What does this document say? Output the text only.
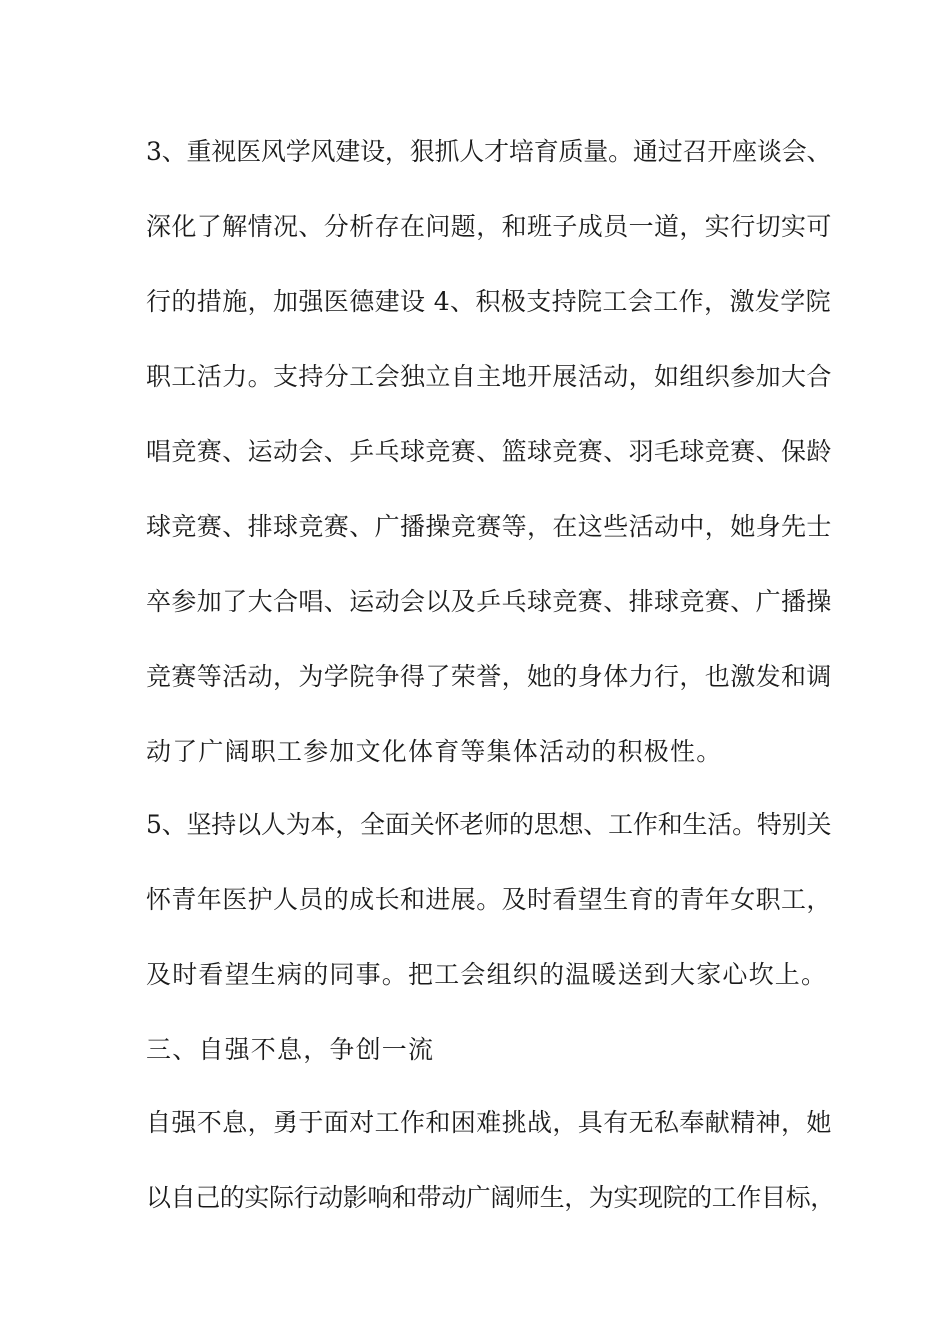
3、重视医风学风建设，狠抓人才培育质量。通过召开座谈会、
深化了解情况、分析存在问题，和班子成员一道，实行切实可
行的措施，加强医德建设 4、积极支持院工会工作，激发学院
职工活力。支持分工会独立自主地开展活动，如组织参加大合
唱竞赛、运动会、乒乓球竞赛、篮球竞赛、羽毛球竞赛、保龄
球竞赛、排球竞赛、广播操竞赛等，在这些活动中，她身先士
卒参加了大合唱、运动会以及乒乓球竞赛、排球竞赛、广播操
竞赛等活动，为学院争得了荣誉，她的身体力行，也激发和调
动了广阔职工参加文化体育等集体活动的积极性。
5、坚持以人为本，全面关怀老师的思想、工作和生活。特别关
怀青年医护人员的成长和进展。及时看望生育的青年女职工，
及时看望生病的同事。把工会组织的温暖送到大家心坎上。
三、自强不息，争创一流
自强不息，勇于面对工作和困难挑战，具有无私奉献精神，她
以自己的实际行动影响和带动广阔师生，为实现院的工作目标，
